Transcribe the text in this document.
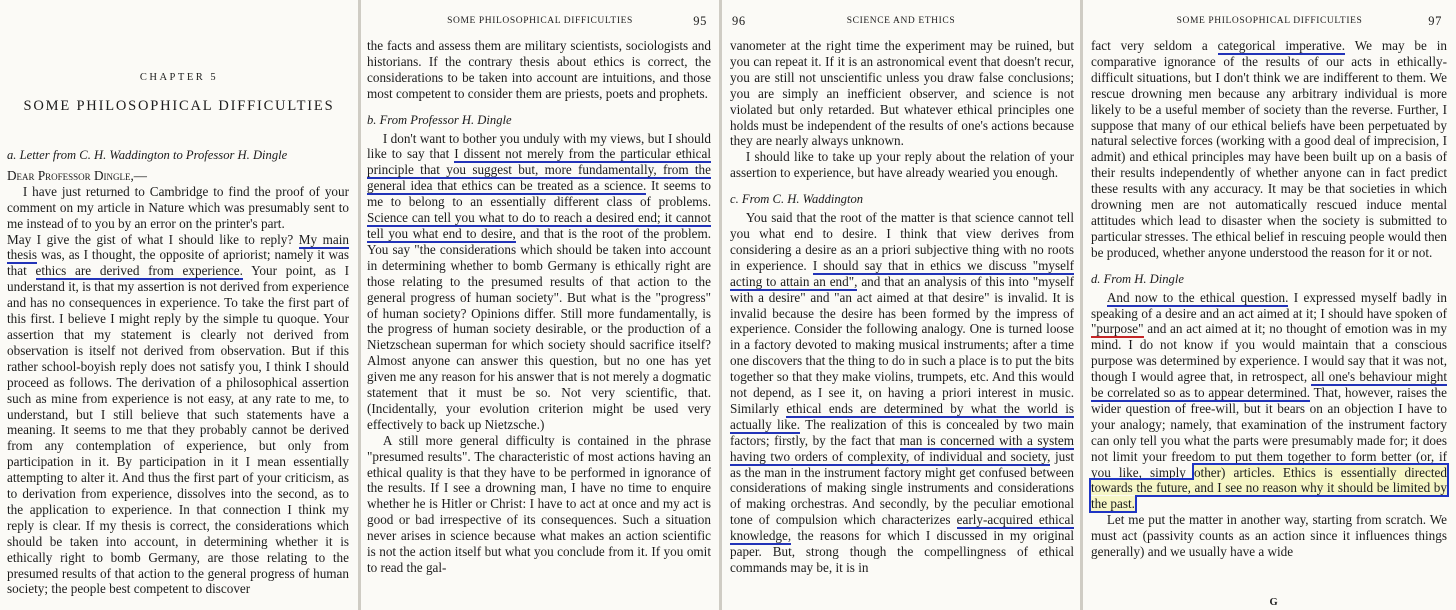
CHAPTER 5
SOME PHILOSOPHICAL DIFFICULTIES

a. Letter from C. H. Waddington to Professor H. Dingle

Dear Professor Dingle,—

I have just returned to Cambridge to find the proof of your comment on my article in Nature which was presumably sent to me instead of to you by an error on the printer's part.

May I give the gist of what I should like to reply? My main thesis was, as I thought, the opposite of apriorist; namely it was that ethics are derived from experience. Your point, as I understand it, is that my assertion is not derived from experience and has no consequences in experience. To take the first part of this first. I believe I might reply by the simple tu quoque. Your assertion that my statement is clearly not derived from observation is itself not derived from observation. But if this rather school-boyish reply does not satisfy you, I think I should proceed as follows. The derivation of a philosophical assertion such as mine from experience is not easy, at any rate to me, to understand, but I still believe that such statements have a meaning. It seems to me that they probably cannot be derived from any contemplation of experience, but only from participation in it. By participation in it I mean essentially attempting to alter it. And thus the first part of your criticism, as to derivation from experience, dissolves into the second, as to the application to experience. In that connection I think my reply is clear. If my thesis is correct, the considerations which should be taken into account, in determining whether it is ethically right to bomb Germany, are those relating to the presumed results of that action to the general progress of human society; the people best competent to discover

SOME PHILOSOPHICAL DIFFICULTIES	95

the facts and assess them are military scientists, sociologists and historians. If the contrary thesis about ethics is correct, the considerations to be taken into account are intuitions, and those most competent to consider them are priests, poets and prophets.

b. From Professor H. Dingle

I don't want to bother you unduly with my views, but I should like to say that I dissent not merely from the particular ethical principle that you suggest but, more fundamentally, from the general idea that ethics can be treated as a science. It seems to me to belong to an essentially different class of problems. Science can tell you what to do to reach a desired end; it cannot tell you what end to desire, and that is the root of the problem. You say "the considerations which should be taken into account in determining whether to bomb Germany is ethically right are those relating to the presumed results of that action to the general progress of human society". But what is the "progress" of human society? Opinions differ. Still more fundamentally, is the progress of human society desirable, or the production of a Nietzschean superman for which society should sacrifice itself? Almost anyone can answer this question, but no one has yet given me any reason for his answer that is not merely a dogmatic statement that it must be so. Not very scientific, that. (Incidentally, your evolution criterion might be used very effectively to back up Nietzsche.)

A still more general difficulty is contained in the phrase "presumed results". The characteristic of most actions having an ethical quality is that they have to be performed in ignorance of the results. If I see a drowning man, I have no time to enquire whether he is Hitler or Christ: I have to act at once and my act is good or bad irrespective of its consequences. Such a situation never arises in science because what makes an action scientific is not the action itself but what you conclude from it. If you omit to read the gal-

96	SCIENCE AND ETHICS

vanometer at the right time the experiment may be ruined, but you can repeat it. If it is an astronomical event that doesn't recur, you are still not unscientific unless you draw false conclusions; you are simply an inefficient observer, and science is not violated but only retarded. But whatever ethical principles one holds must be independent of the results of one's actions because they are nearly always unknown.

I should like to take up your reply about the relation of your assertion to experience, but have already wearied you enough.

c. From C. H. Waddington

You said that the root of the matter is that science cannot tell you what end to desire. I think that view derives from considering a desire as an a priori subjective thing with no roots in experience. I should say that in ethics we discuss "myself acting to attain an end", and that an analysis of this into "myself with a desire" and "an act aimed at that desire" is invalid. It is invalid because the desire has been formed by the impress of experience. Consider the following analogy. One is turned loose in a factory devoted to making musical instruments; after a time one discovers that the thing to do in such a place is to put the bits together so that they make violins, trumpets, etc. And this would not depend, as I see it, on having a priori interest in music. Similarly ethical ends are determined by what the world is actually like. The realization of this is concealed by two main factors; firstly, by the fact that man is concerned with a system having two orders of complexity, of individual and society, just as the man in the instrument factory might get confused between considerations of making single instruments and considerations of making orchestras. And secondly, by the peculiar emotional tone of compulsion which characterizes early-acquired ethical knowledge, the reasons for which I discussed in my original paper. But, strong though the compellingness of ethical commands may be, it is in

SOME PHILOSOPHICAL DIFFICULTIES	97

fact very seldom a categorical imperative. We may be in comparative ignorance of the results of our acts in ethically-difficult situations, but I don't think we are indifferent to them. We rescue drowning men because any arbitrary individual is more likely to be a useful member of society than the reverse. Further, I suppose that many of our ethical beliefs have been perpetuated by natural selective forces (working with a good deal of imprecision, I admit) and ethical principles may have been built up on a basis of their results independently of whether anyone can in fact predict these results with any accuracy. It may be that societies in which drowning men are not automatically rescued induce mental attitudes which lead to disaster when the society is submitted to particular stresses. The ethical belief in rescuing people would then be produced, whether anyone understood the reason for it or not.

d. From H. Dingle

And now to the ethical question. I expressed myself badly in speaking of a desire and an act aimed at it; I should have spoken of "purpose" and an act aimed at it; no thought of emotion was in my mind. I do not know if you would maintain that a conscious purpose was determined by experience. I would say that it was not, though I would agree that, in retrospect, all one's behaviour might be correlated so as to appear determined. That, however, raises the wider question of free-will, but it bears on an objection I have to your analogy; namely, that examination of the instrument factory can only tell you what the parts were presumably made for; it does not limit your freedom to put them together to form better (or, if you like, simply other) articles. Ethics is essentially directed towards the future, and I see no reason why it should be limited by the past.

Let me put the matter in another way, starting from scratch. We must act (passivity counts as an action since it influences things generally) and we usually have a wide

G
